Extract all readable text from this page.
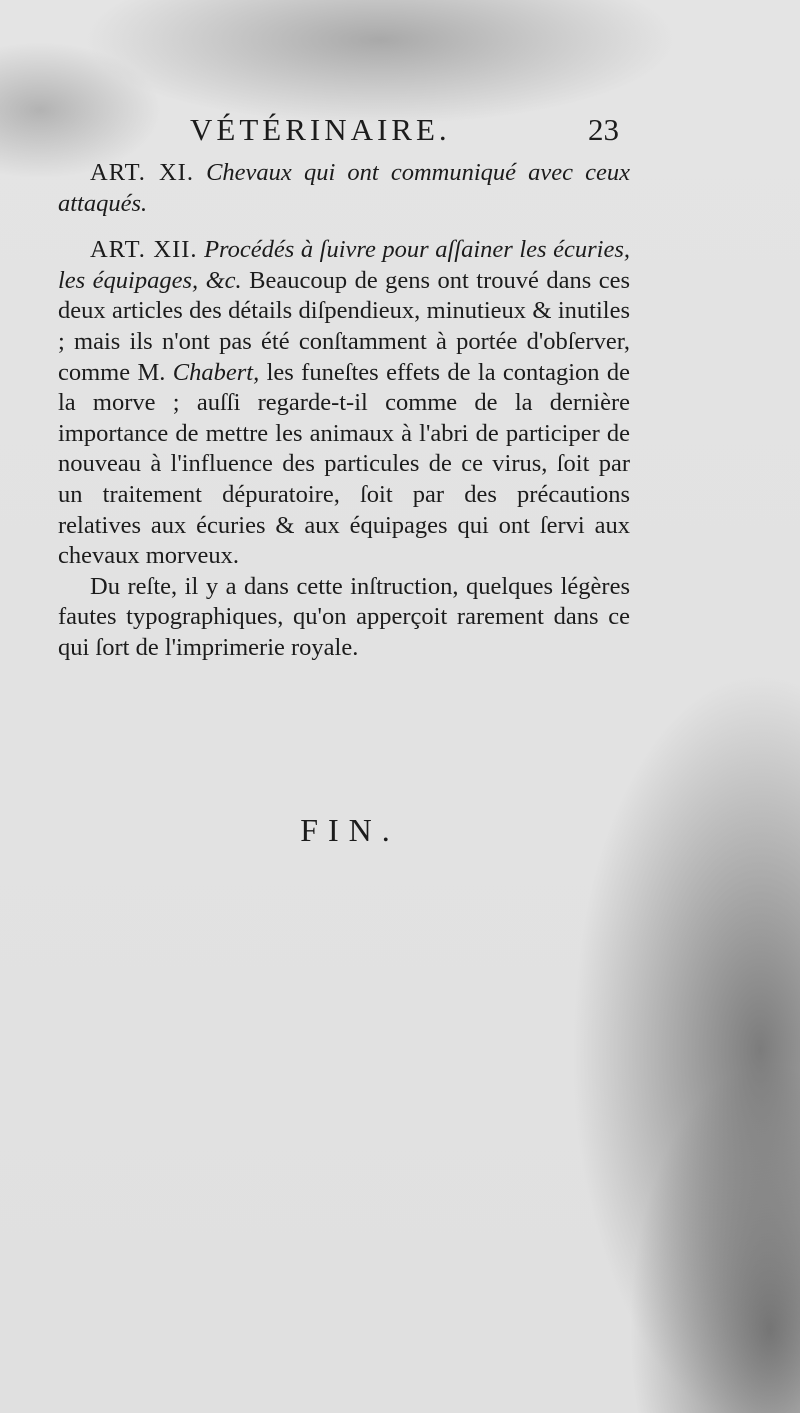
VÉTÉRINAIRE.	23

ART. XI. Chevaux qui ont communiqué avec ceux attaqués.

ART. XII. Procédés à ſuivre pour aſſainer les écuries, les équipages, &c. Beaucoup de gens ont trouvé dans ces deux articles des détails diſpendieux, minutieux & inutiles ; mais ils n'ont pas été conſtamment à portée d'obſerver, comme M. Chabert, les funeſtes effets de la contagion de la morve ; auſſi regarde-t-il comme de la dernière importance de mettre les animaux à l'abri de participer de nouveau à l'influence des particules de ce virus, ſoit par un traitement dépuratoire, ſoit par des précautions relatives aux écuries & aux équipages qui ont ſervi aux chevaux morveux.

Du reſte, il y a dans cette inſtruction, quelques légères fautes typographiques, qu'on apperçoit rarement dans ce qui ſort de l'imprimerie royale.

FIN.
